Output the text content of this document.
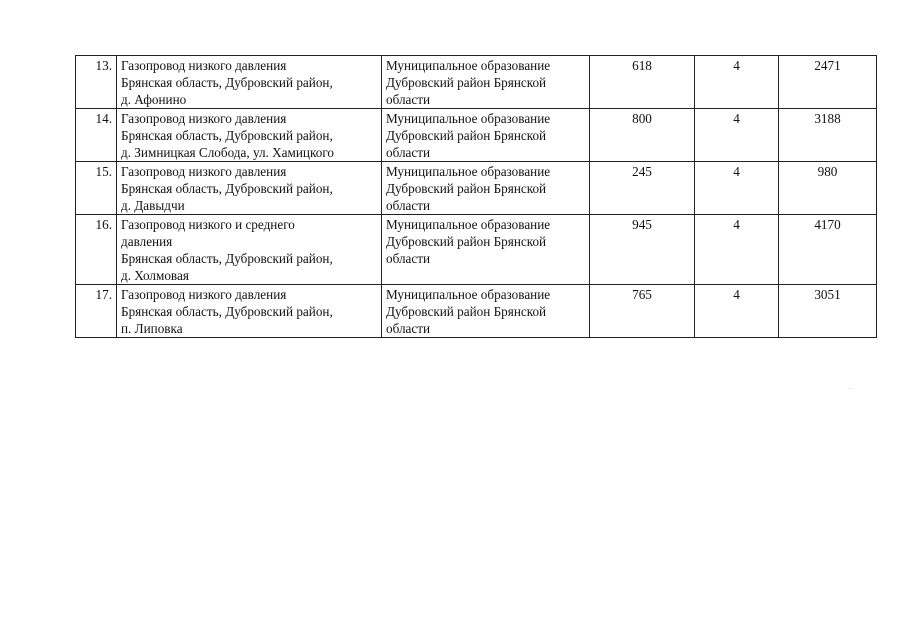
13.	Газопровод низкого давления
Брянская область, Дубровский район,
д. Афонино	Муниципальное образование
Дубровский район Брянской
области	618	4	2471
14.	Газопровод низкого давления
Брянская область, Дубровский район,
д. Зимницкая Слобода, ул. Хамицкого	Муниципальное образование
Дубровский район Брянской
области	800	4	3188
15.	Газопровод низкого давления
Брянская область, Дубровский район,
д. Давыдчи	Муниципальное образование
Дубровский район Брянской
области	245	4	980
16.	Газопровод низкого и среднего
давления
Брянская область, Дубровский район,
д. Холмовая	Муниципальное образование
Дубровский район Брянской
области	945	4	4170
17.	Газопровод низкого давления
Брянская область, Дубровский район,
п. Липовка	Муниципальное образование
Дубровский район Брянской
области	765	4	3051
